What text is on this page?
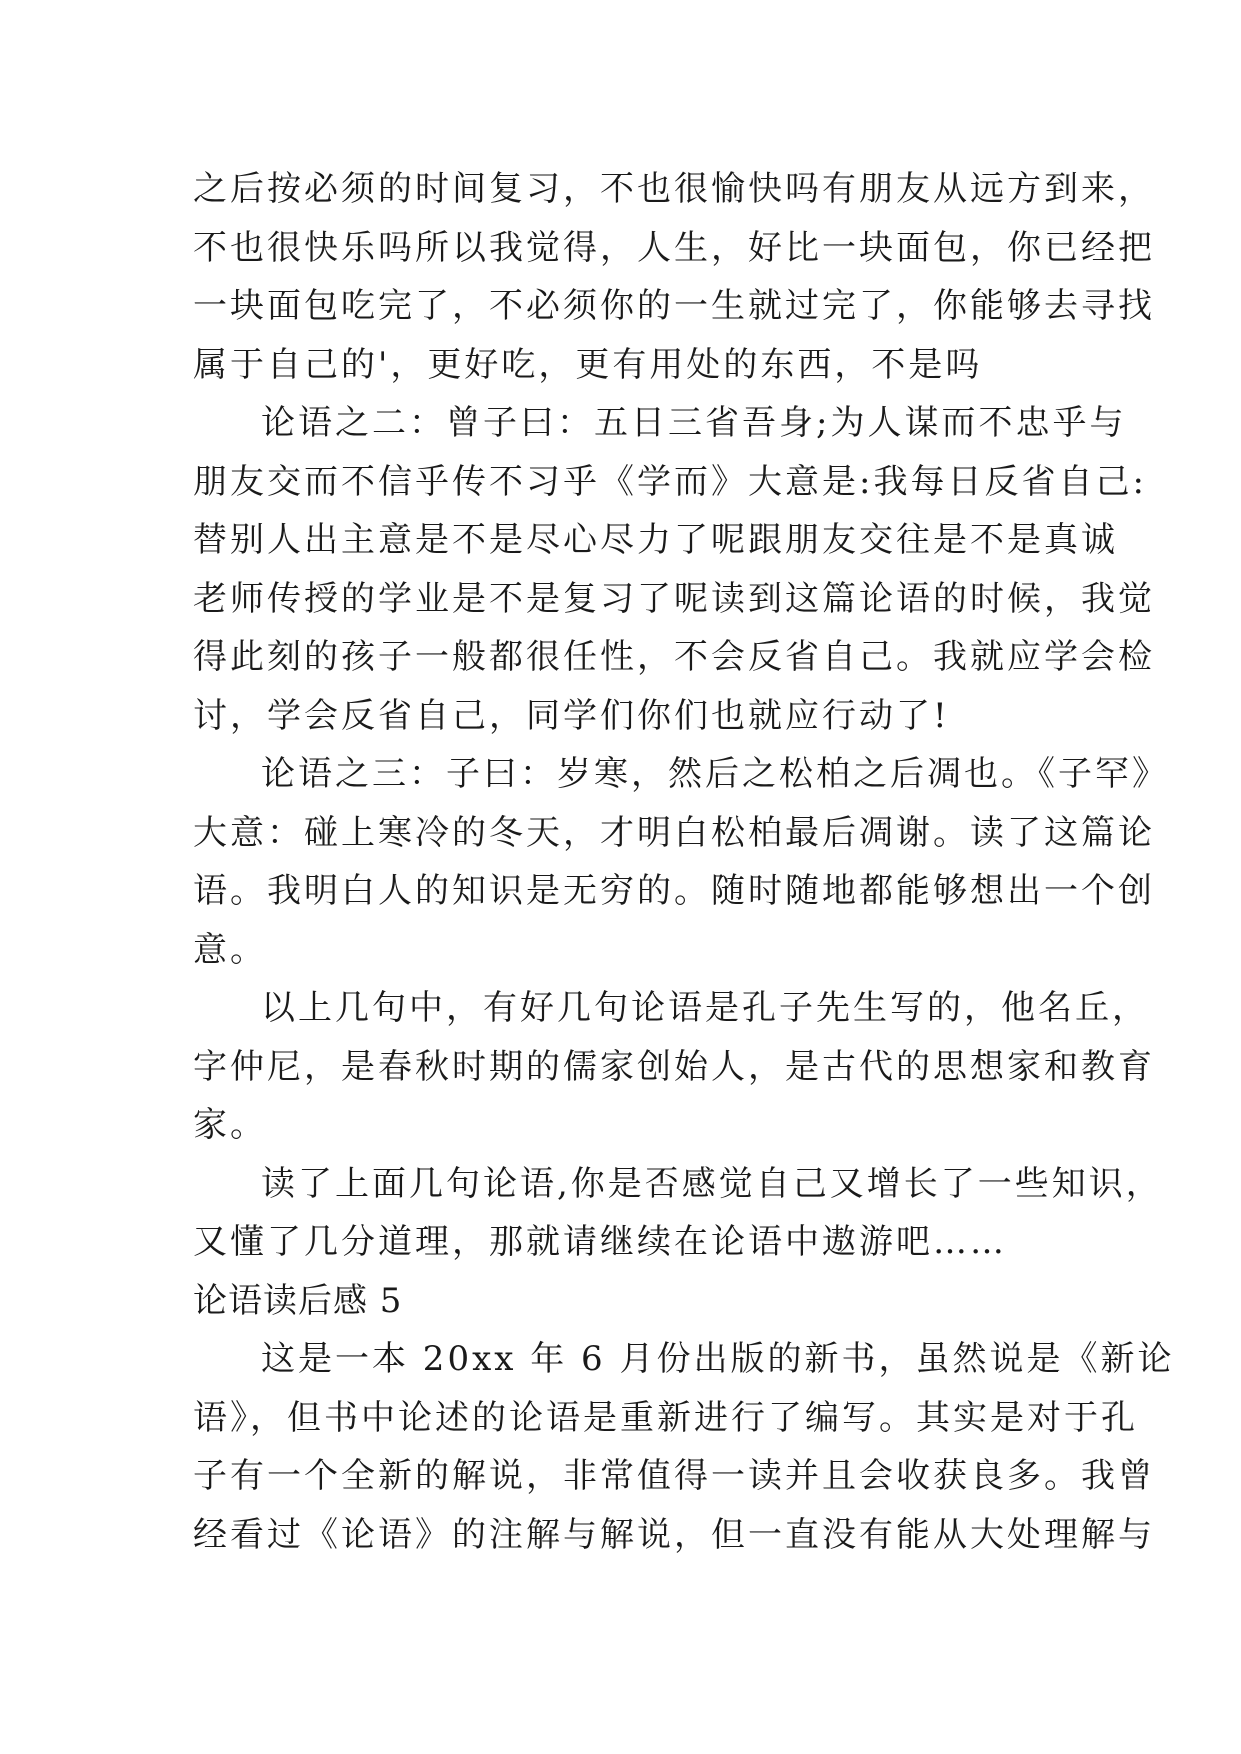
之后按必须的时间复习，不也很愉快吗有朋友从远方到来，
不也很快乐吗所以我觉得，人生，好比一块面包，你已经把
一块面包吃完了，不必须你的一生就过完了，你能够去寻找
属于自己的'，更好吃，更有用处的东西，不是吗
论语之二：曾子曰：五日三省吾身;为人谋而不忠乎与
朋友交而不信乎传不习乎《学而》大意是:我每日反省自己:
替别人出主意是不是尽心尽力了呢跟朋友交往是不是真诚
老师传授的学业是不是复习了呢读到这篇论语的时候，我觉
得此刻的孩子一般都很任性，不会反省自己。我就应学会检
讨，学会反省自己，同学们你们也就应行动了!
论语之三：子曰：岁寒，然后之松柏之后凋也。《子罕》
大意：碰上寒冷的冬天，才明白松柏最后凋谢。读了这篇论
语。我明白人的知识是无穷的。随时随地都能够想出一个创
意。
以上几句中，有好几句论语是孔子先生写的，他名丘，
字仲尼，是春秋时期的儒家创始人，是古代的思想家和教育
家。
读了上面几句论语,你是否感觉自己又增长了一些知识，
又懂了几分道理，那就请继续在论语中遨游吧……
论语读后感 5
这是一本 20xx 年 6 月份出版的新书，虽然说是《新论
语》，但书中论述的论语是重新进行了编写。其实是对于孔
子有一个全新的解说，非常值得一读并且会收获良多。我曾
经看过《论语》的注解与解说，但一直没有能从大处理解与
